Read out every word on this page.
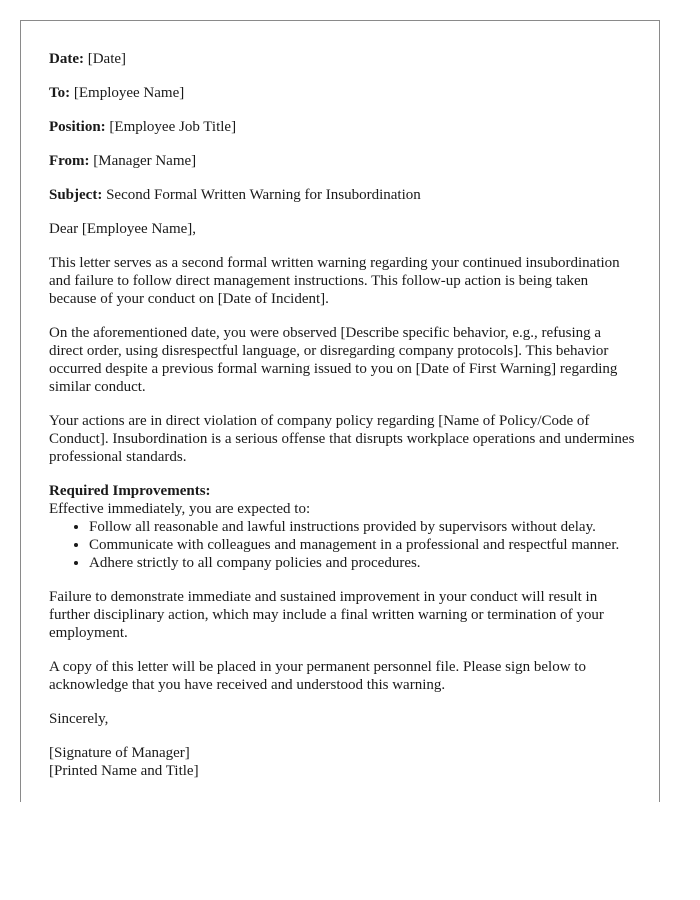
Date: [Date]
To: [Employee Name]
Position: [Employee Job Title]
From: [Manager Name]
Subject: Second Formal Written Warning for Insubordination

Dear [Employee Name],

This letter serves as a second formal written warning regarding your continued insubordination and failure to follow direct management instructions. This follow-up action is being taken because of your conduct on [Date of Incident].

On the aforementioned date, you were observed [Describe specific behavior, e.g., refusing a direct order, using disrespectful language, or disregarding company protocols]. This behavior occurred despite a previous formal warning issued to you on [Date of First Warning] regarding similar conduct.

Your actions are in direct violation of company policy regarding [Name of Policy/Code of Conduct]. Insubordination is a serious offense that disrupts workplace operations and undermines professional standards.

Required Improvements:
Effective immediately, you are expected to:
• Follow all reasonable and lawful instructions provided by supervisors without delay.
• Communicate with colleagues and management in a professional and respectful manner.
• Adhere strictly to all company policies and procedures.

Failure to demonstrate immediate and sustained improvement in your conduct will result in further disciplinary action, which may include a final written warning or termination of your employment.

A copy of this letter will be placed in your permanent personnel file. Please sign below to acknowledge that you have received and understood this warning.

Sincerely,

[Signature of Manager]
[Printed Name and Title]
